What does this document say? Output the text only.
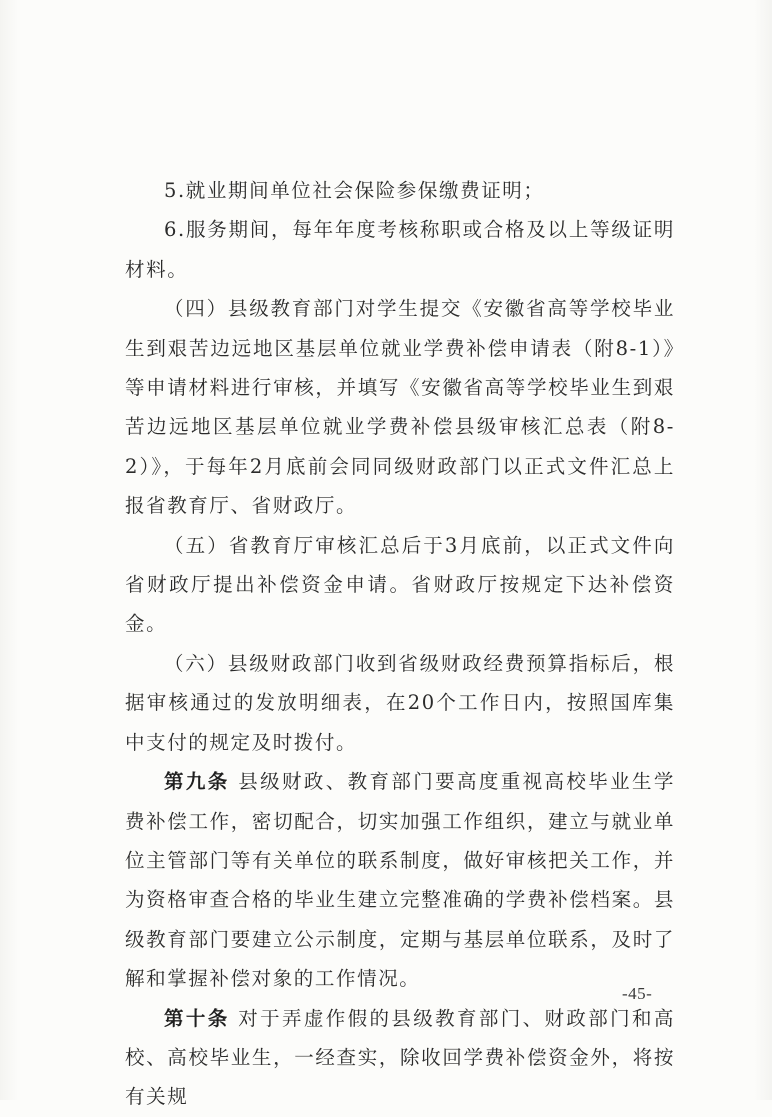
5.就业期间单位社会保险参保缴费证明；

6.服务期间，每年年度考核称职或合格及以上等级证明材料。

（四）县级教育部门对学生提交《安徽省高等学校毕业生到艰苦边远地区基层单位就业学费补偿申请表（附8-1）》等申请材料进行审核，并填写《安徽省高等学校毕业生到艰苦边远地区基层单位就业学费补偿县级审核汇总表（附8-2）》，于每年2月底前会同同级财政部门以正式文件汇总上报省教育厅、省财政厅。

（五）省教育厅审核汇总后于3月底前，以正式文件向省财政厅提出补偿资金申请。省财政厅按规定下达补偿资金。

（六）县级财政部门收到省级财政经费预算指标后，根据审核通过的发放明细表，在20个工作日内，按照国库集中支付的规定及时拨付。

第九条 县级财政、教育部门要高度重视高校毕业生学费补偿工作，密切配合，切实加强工作组织，建立与就业单位主管部门等有关单位的联系制度，做好审核把关工作，并为资格审查合格的毕业生建立完整准确的学费补偿档案。县级教育部门要建立公示制度，定期与基层单位联系，及时了解和掌握补偿对象的工作情况。

第十条 对于弄虚作假的县级教育部门、财政部门和高校、高校毕业生，一经查实，除收回学费补偿资金外，将按有关规

-45-
